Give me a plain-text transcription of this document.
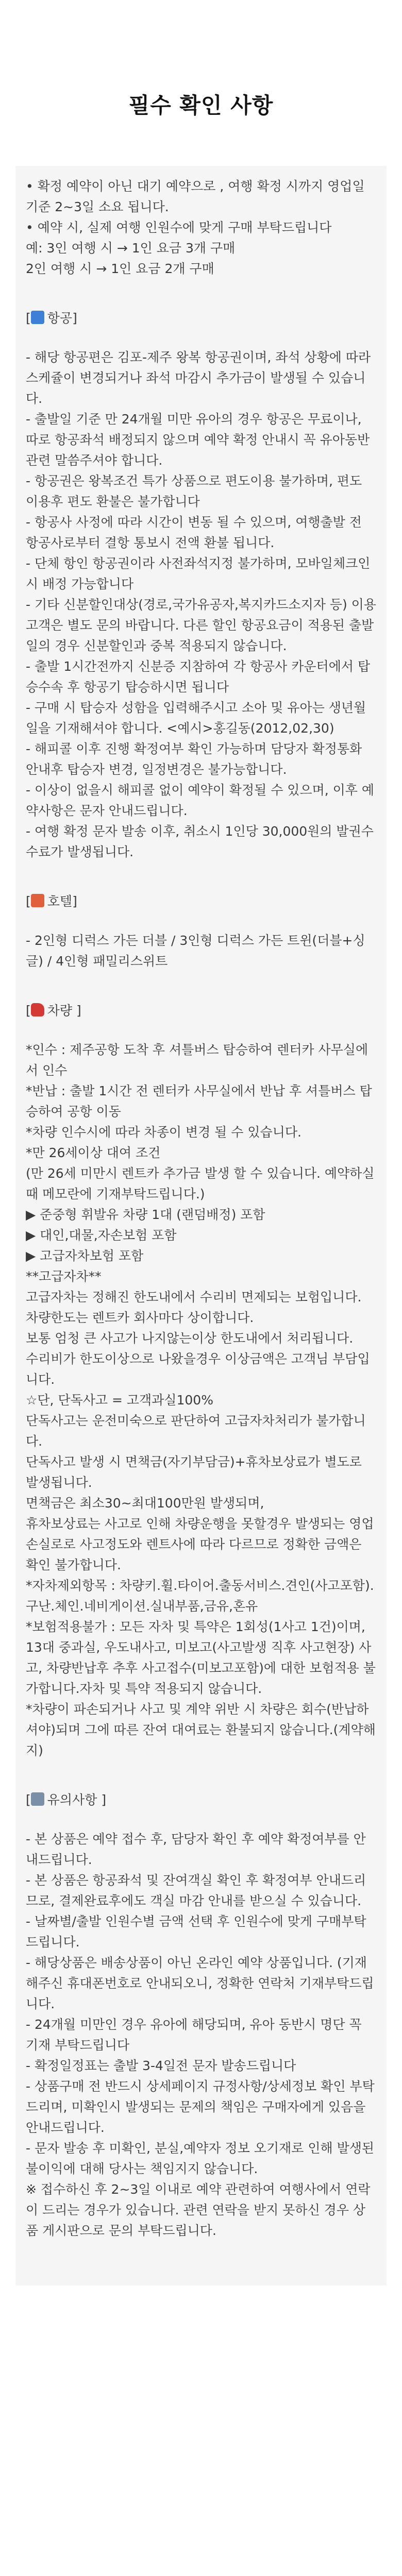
필수 확인 사항

• 확정 예약이 아닌 대기 예약으로 , 여행 확정 시까지 영업일 기준 2~3일 소요 됩니다.

• 예약 시, 실제 여행 인원수에 맞게 구매 부탁드립니다

예: 3인 여행 시 → 1인 요금 3개 구매

2인 여행 시 → 1인 요금 2개 구매

[ 항공]

- 해당 항공편은 김포-제주 왕복 항공권이며, 좌석 상황에 따라 스케쥴이 변경되거나 좌석 마감시 추가금이 발생될 수 있습니다.

- 출발일 기준 만 24개월 미만 유아의 경우 항공은 무료이나, 따로 항공좌석 배정되지 않으며 예약 확정 안내시 꼭 유아동반 관련 말씀주셔야 합니다.

- 항공권은 왕복조건 특가 상품으로 편도이용 불가하며, 편도 이용후 편도 환불은 불가합니다

- 항공사 사정에 따라 시간이 변동 될 수 있으며, 여행출발 전 항공사로부터 결항 통보시 전액 환불 됩니다.

- 단체 항인 항공권이라 사전좌석지정 불가하며, 모바일체크인시 배정 가능합니다

- 기타 신분할인대상(경로,국가유공자,복지카드소지자 등) 이용고객은 별도 문의 바랍니다. 다른 할인 항공요금이 적용된 출발일의 경우 신분할인과 중복 적용되지 않습니다.

- 출발 1시간전까지 신분증 지참하여 각 항공사 카운터에서 탑승수속 후 항공기 탑승하시면 됩니다

- 구매 시 탑승자 성함을 입력해주시고 소아 및 유아는 생년월일을 기재해셔야 합니다. <예시>홍길동(2012,02,30)

- 해피콜 이후 진행 확정여부 확인 가능하며 담당자 확정통화 안내후 탑승자 변경, 일정변경은 불가능합니다.

- 이상이 없을시 해피콜 없이 예약이 확정될 수 있으며, 이후 예약사항은 문자 안내드립니다.

- 여행 확정 문자 발송 이후, 취소시 1인당 30,000원의 발권수수료가 발생됩니다.

[ 호텔]

- 2인형 디럭스 가든 더블 / 3인형 디럭스 가든 트윈(더블+싱글) / 4인형 패밀리스위트

[ 차량 ]

*인수 : 제주공항 도착 후 셔틀버스 탑승하여 렌터카 사무실에서 인수

*반납 : 출발 1시간 전 렌터카 사무실에서 반납 후 셔틀버스 탑승하여 공항 이동

*차량 인수시에 따라 차종이 변경 될 수 있습니다.

*만 26세이상 대여 조건

(만 26세 미만시 렌트카 추가금 발생 할 수 있습니다. 예약하실때 메모란에 기재부탁드립니다.)

▶ 준중형 휘발유 차량 1대 (랜덤배정) 포함

▶ 대인,대물,자손보험 포함

▶ 고급자차보험 포함

**고급자차**

고급자차는 정해진 한도내에서 수리비 면제되는 보험입니다.

차량한도는 렌트카 회사마다 상이합니다.

보통 엄청 큰 사고가 나지않는이상 한도내에서 처리됩니다.

수리비가 한도이상으로 나왔을경우 이상금액은 고객님 부담입니다.

☆단, 단독사고 = 고객과실100%

단독사고는 운전미숙으로 판단하여 고급자차처리가 불가합니다.

단독사고 발생 시 면책금(자기부담금)+휴차보상료가 별도로 발생됩니다.

면책금은 최소30~최대100만원 발생되며,

휴차보상료는 사고로 인해 차량운행을 못할경우 발생되는 영업손실로로 사고정도와 렌트사에 따라 다르므로 정확한 금액은 확인 불가합니다.

*자차제외항목 : 차량키.휠.타이어.출동서비스.견인(사고포함).구난.체인.네비게이션.실내부품,금유,혼유

*보험적용불가 : 모든 자차 및 특약은 1회성(1사고 1건)이며, 13대 중과실, 우도내사고, 미보고(사고발생 직후 사고현장) 사고, 차량반납후 추후 사고접수(미보고포함)에 대한 보험적용 불가합니다.자차 및 특약 적용되지 않습니다.

*차량이 파손되거나 사고 및 계약 위반 시 차량은 회수(반납하셔야)되며 그에 따른 잔여 대여료는 환불되지 않습니다.(계약해지)

[ 유의사항 ]

- 본 상품은 예약 접수 후, 담당자 확인 후 예약 확정여부를 안내드립니다.

- 본 상품은 항공좌석 및 잔여객실 확인 후 확정여부 안내드리므로, 결제완료후에도 객실 마감 안내를 받으실 수 있습니다.

- 날짜별/출발 인원수별 금액 선택 후 인원수에 맞게 구매부탁드립니다.

- 해당상품은 배송상품이 아닌 온라인 예약 상품입니다. (기재해주신 휴대폰번호로 안내되오니, 정확한 연락처 기재부탁드립니다.

- 24개월 미만인 경우 유아에 해당되며, 유아 동반시 명단 꼭 기재 부탁드립니다

- 확정일정표는 출발 3-4일전 문자 발송드립니다

- 상품구매 전 반드시 상세페이지 규정사항/상세정보 확인 부탁드리며, 미확인시 발생되는 문제의 책임은 구매자에게 있음을 안내드립니다.

- 문자 발송 후 미확인, 분실,예약자 정보 오기재로 인해 발생된 불이익에 대해 당사는 책임지지 않습니다.

※ 접수하신 후 2~3일 이내로 예약 관련하여 여행사에서 연락이 드리는 경우가 있습니다. 관련 연락을 받지 못하신 경우 상품 게시판으로 문의 부탁드립니다.
